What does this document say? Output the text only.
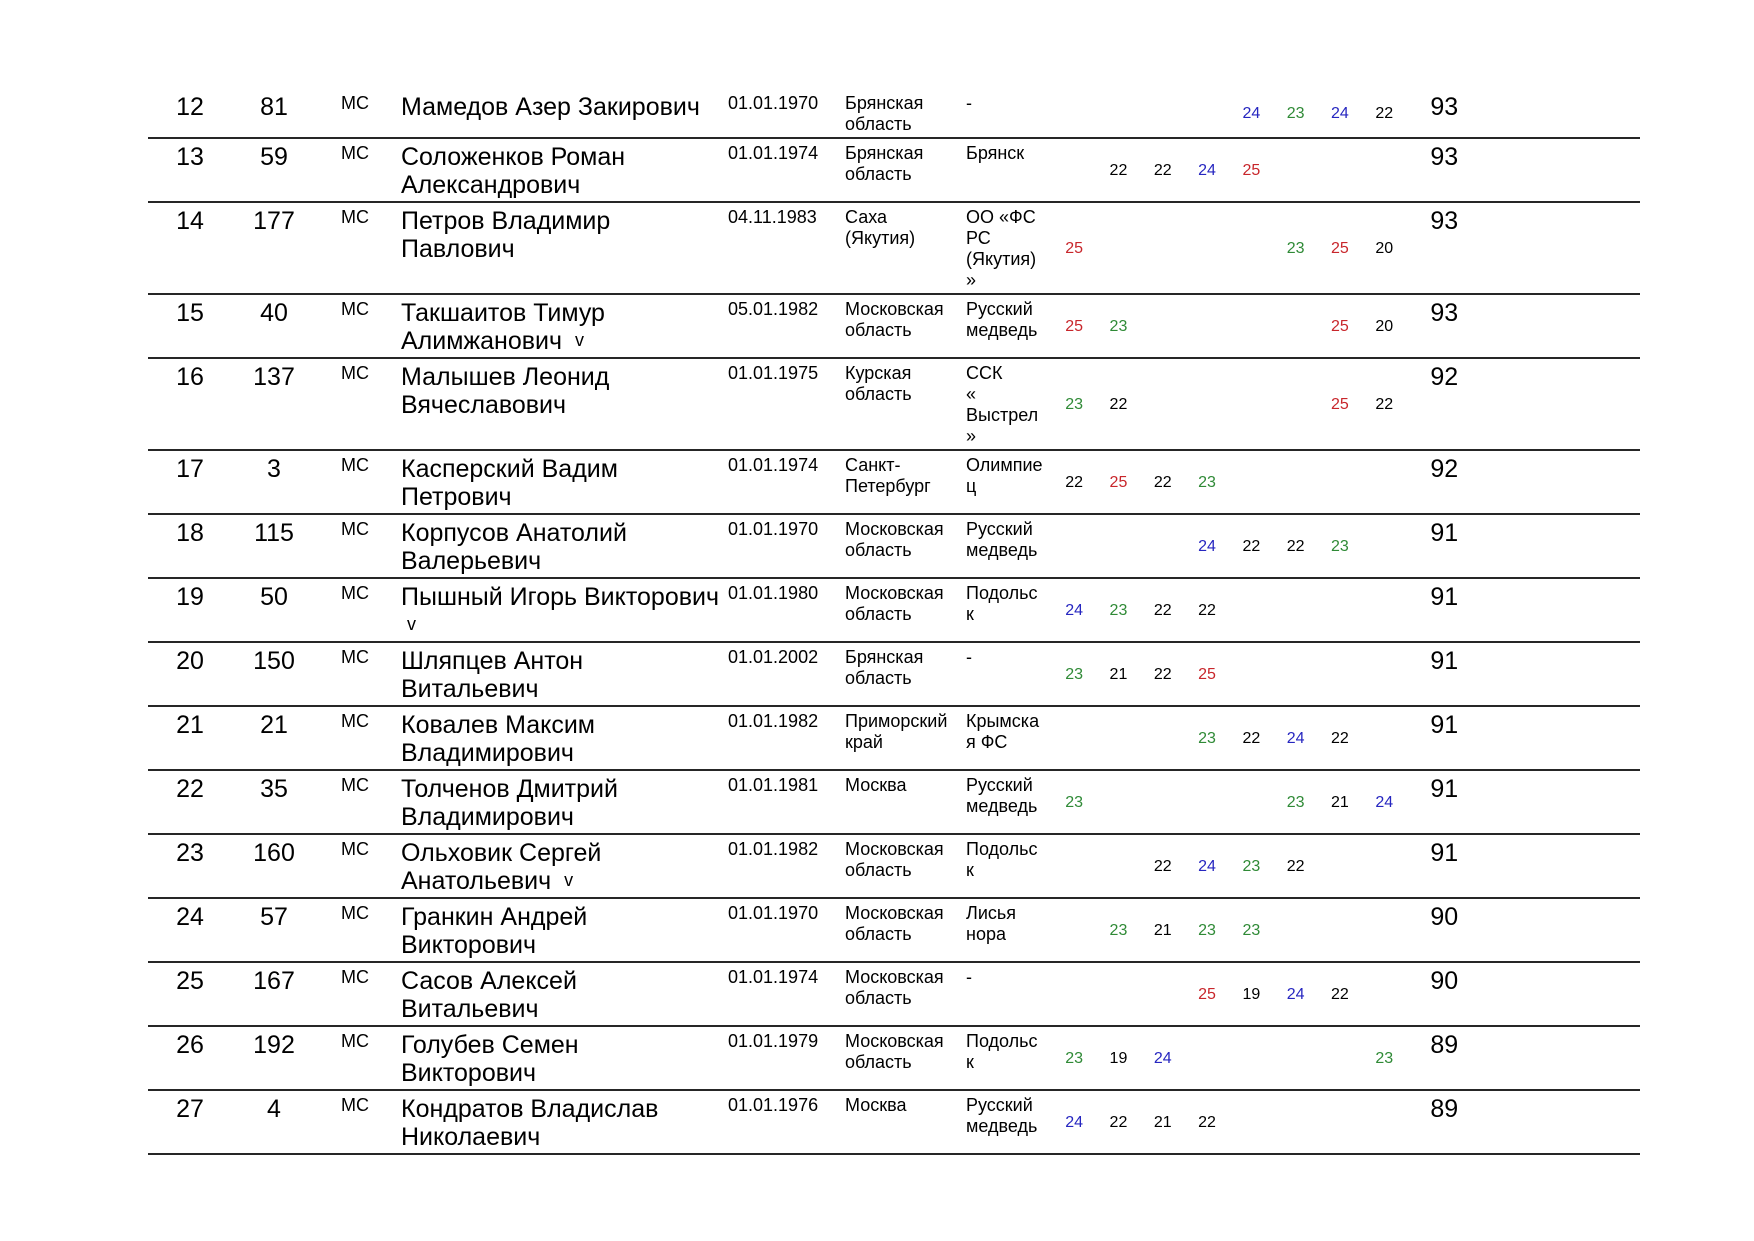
12	81	МС	Мамедов Азер Закирович	01.01.1970	Брянская
область	-					24	23	24	22	93
13	59	МС	Соложенков Роман
Александрович	01.01.1974	Брянская
область	Брянск		22	22	24	25				93
14	177	МС	Петров Владимир
Павлович	04.11.1983	Саха
(Якутия)	ОО «ФС
РС
(Якутия)
»	25					23	25	20	93
15	40	МС	Такшаитов Тимур
Алимжанович v	05.01.1982	Московская
область	Русский
медведь	25	23					25	20	93
16	137	МС	Малышев Леонид
Вячеславович	01.01.1975	Курская
область	ССК
«
Выстрел
»	23	22					25	22	92
17	3	МС	Касперский Вадим
Петрович	01.01.1974	Санкт-
Петербург	Олимпие
ц	22	25	22	23					92
18	115	МС	Корпусов Анатолий
Валерьевич	01.01.1970	Московская
область	Русский
медведь				24	22	22	23		91
19	50	МС	Пышный Игорь Викторович v	01.01.1980	Московская
область	Подольс
к	24	23	22	22					91
20	150	МС	Шляпцев Антон
Витальевич	01.01.2002	Брянская
область	-	23	21	22	25					91
21	21	МС	Ковалев Максим
Владимирович	01.01.1982	Приморский
край	Крымска
я ФС				23	22	24	22		91
22	35	МС	Толченов Дмитрий
Владимирович	01.01.1981	Москва	Русский
медведь	23					23	21	24	91
23	160	МС	Ольховик Сергей
Анатольевич v	01.01.1982	Московская
область	Подольс
к			22	24	23	22			91
24	57	МС	Гранкин Андрей
Викторович	01.01.1970	Московская
область	Лисья
нора		23	21	23	23				90
25	167	МС	Сасов Алексей
Витальевич	01.01.1974	Московская
область	-				25	19	24	22		90
26	192	МС	Голубев Семен
Викторович	01.01.1979	Московская
область	Подольс
к	23	19	24					23	89
27	4	МС	Кондратов Владислав
Николаевич	01.01.1976	Москва	Русский
медведь	24	22	21	22					89
